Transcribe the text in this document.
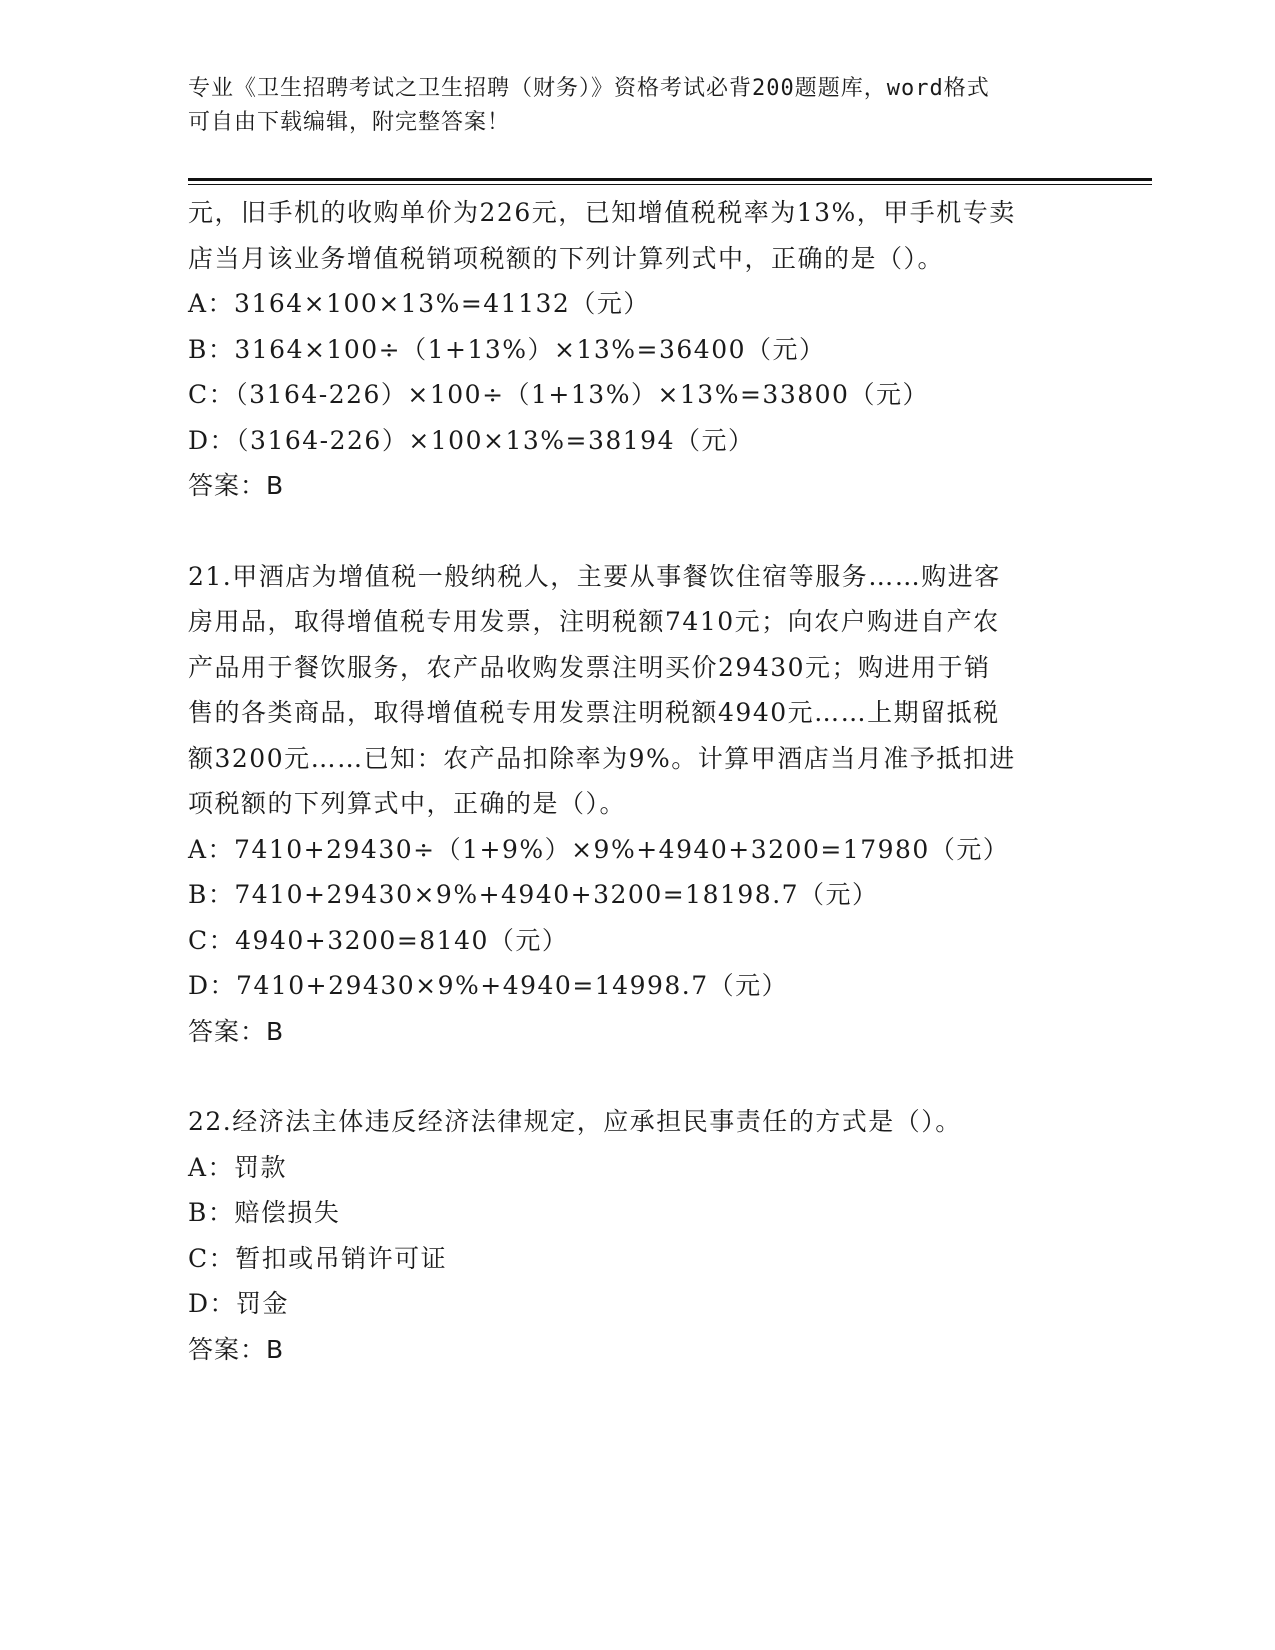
专业《卫生招聘考试之卫生招聘（财务）》资格考试必背200题题库，word格式
可自由下载编辑，附完整答案！

元，旧手机的收购单价为226元，已知增值税税率为13%，甲手机专卖

店当月该业务增值税销项税额的下列计算列式中，正确的是（）。

A：3164×100×13%=41132（元）

B：3164×100÷（1+13%）×13%=36400（元）

C：（3164-226）×100÷（1+13%）×13%=33800（元）

D：（3164-226）×100×13%=38194（元）

答案：B

21.甲酒店为增值税一般纳税人，主要从事餐饮住宿等服务……购进客

房用品，取得增值税专用发票，注明税额7410元；向农户购进自产农

产品用于餐饮服务，农产品收购发票注明买价29430元；购进用于销

售的各类商品，取得增值税专用发票注明税额4940元……上期留抵税

额3200元……已知：农产品扣除率为9%。计算甲酒店当月准予抵扣进

项税额的下列算式中，正确的是（）。

A：7410+29430÷（1+9%）×9%+4940+3200=17980（元）

B：7410+29430×9%+4940+3200=18198.7（元）

C：4940+3200=8140（元）

D：7410+29430×9%+4940=14998.7（元）

答案：B

22.经济法主体违反经济法律规定，应承担民事责任的方式是（）。

A：罚款

B：赔偿损失

C：暂扣或吊销许可证

D：罚金

答案：B
